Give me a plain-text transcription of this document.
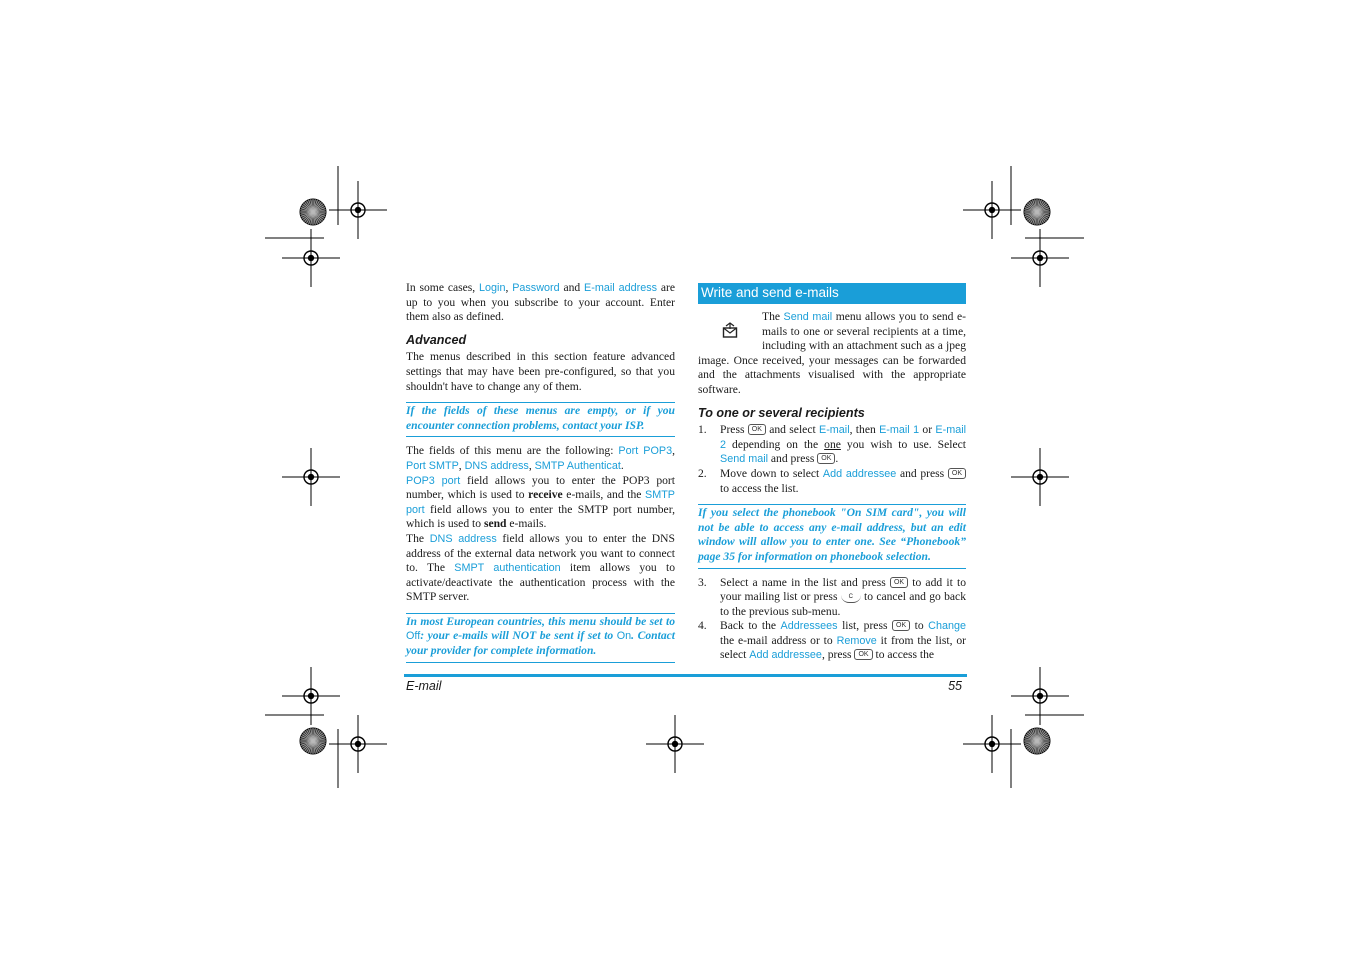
In some cases, Login, Password and E-mail address are up to you when you subscribe to your account. Enter them also as defined.

Advanced

The menus described in this section feature advanced settings that may have been pre-configured, so that you shouldn't have to change any of them.

If the fields of these menus are empty, or if you encounter connection problems, contact your ISP.

The fields of this menu are the following: Port POP3, Port SMTP, DNS address, SMTP Authenticat.

POP3 port field allows you to enter the POP3 port number, which is used to receive e-mails, and the SMTP port field allows you to enter the SMTP port number, which is used to send e-mails.

The DNS address field allows you to enter the DNS address of the external data network you want to connect to. The SMPT authentication item allows you to activate/deactivate the authentication process with the SMTP server.

In most European countries, this menu should be set to Off: your e-mails will NOT be sent if set to On. Contact your provider for complete information.
Write and send e-mails

The Send mail menu allows you to send e-mails to one or several recipients at a time, including with an attachment such as a jpeg image. Once received, your messages can be forwarded and the attachments visualised with the appropriate software.

To one or several recipients
1. Press OK and select E-mail, then E-mail 1 or E-mail 2 depending on the one you wish to use. Select Send mail and press OK .
2. Move down to select Add addressee and press OK to access the list.
If you select the phonebook "On SIM card", you will not be able to access any e-mail address, but an edit window will allow you to enter one. See “Phonebook” page 35 for information on phonebook selection.
3. Select a name in the list and press OK to add it to your mailing list or press C to cancel and go back to the previous sub-menu.
4. Back to the Addressees list, press OK to Change the e-mail address or to Remove it from the list, or select Add addressee, press OK to access the
E-mail	55
